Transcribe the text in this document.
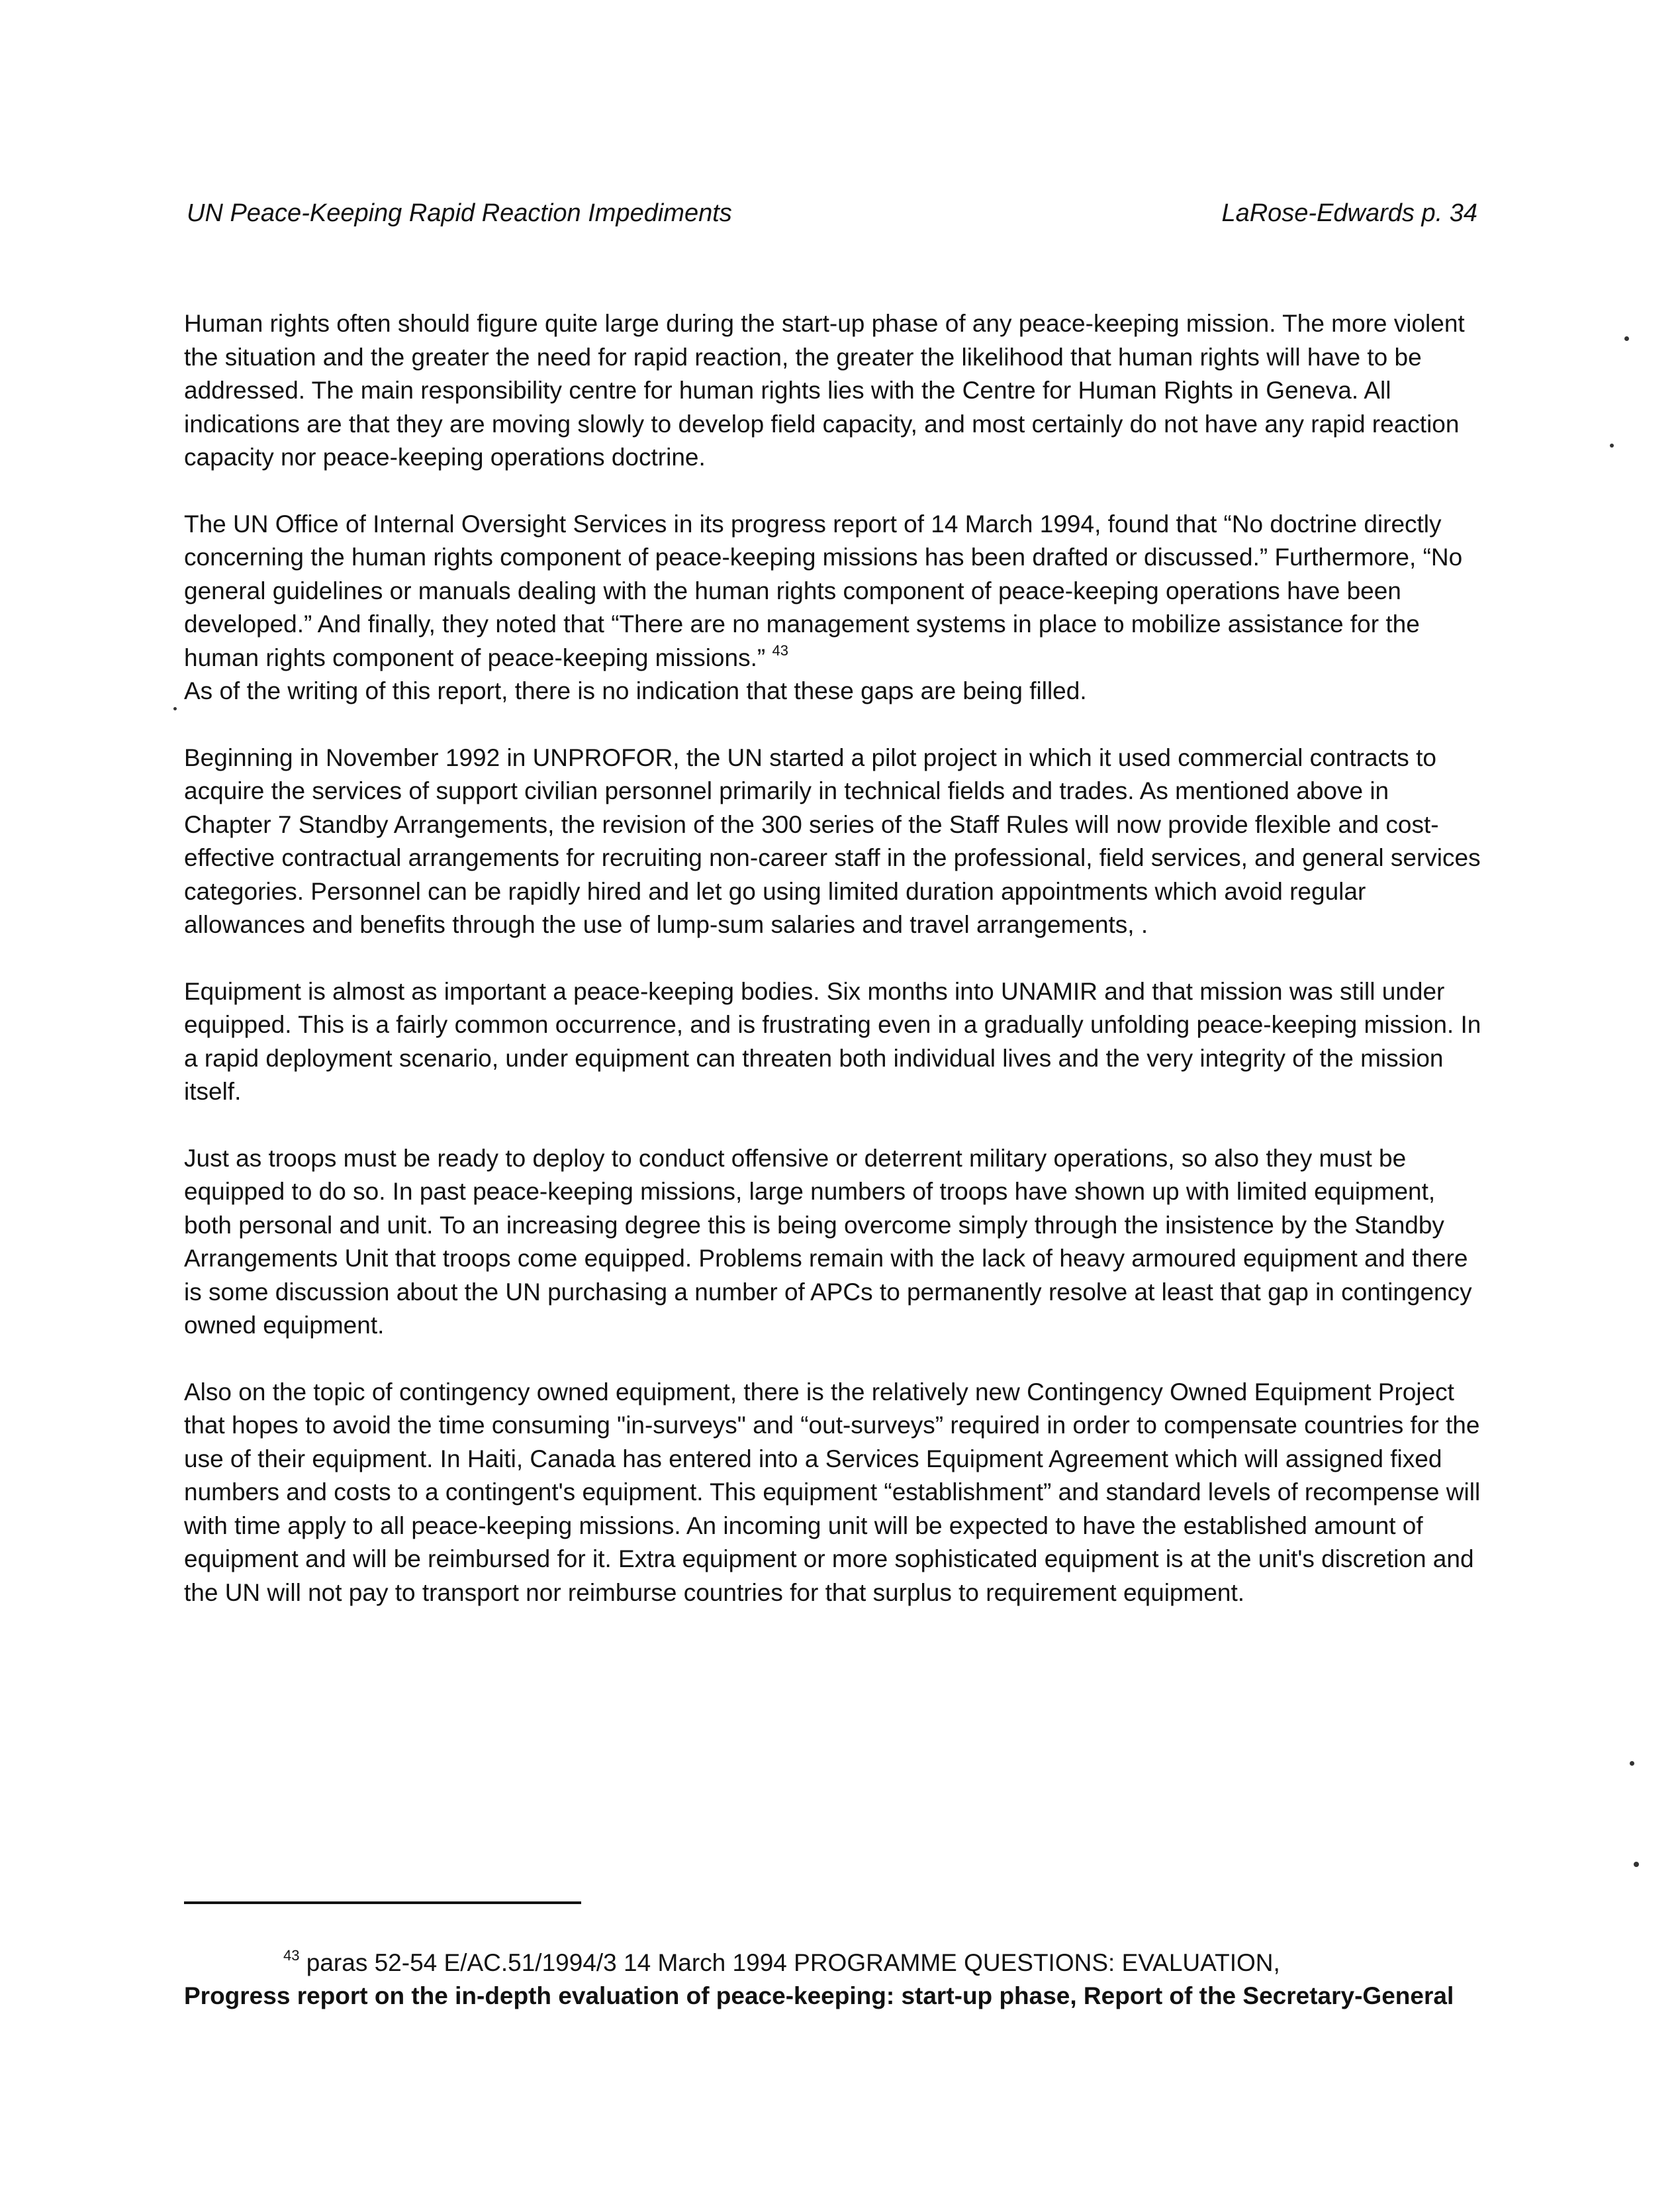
UN Peace-Keeping Rapid Reaction Impediments	LaRose-Edwards p. 34

Human rights often should figure quite large during the start-up phase of any peace-keeping mission. The more violent the situation and the greater the need for rapid reaction, the greater the likelihood that human rights will have to be addressed. The main responsibility centre for human rights lies with the Centre for Human Rights in Geneva. All indications are that they are moving slowly to develop field capacity, and most certainly do not have any rapid reaction capacity nor peace-keeping operations doctrine.

The UN Office of Internal Oversight Services in its progress report of 14 March 1994, found that “No doctrine directly concerning the human rights component of peace-keeping missions has been drafted or discussed.” Furthermore, “No general guidelines or manuals dealing with the human rights component of peace-keeping operations have been developed.” And finally, they noted that “There are no management systems in place to mobilize assistance for the human rights component of peace-keeping missions.” $^{43}$
As of the writing of this report, there is no indication that these gaps are being filled.

Beginning in November 1992 in UNPROFOR, the UN started a pilot project in which it used commercial contracts to acquire the services of support civilian personnel primarily in technical fields and trades. As mentioned above in Chapter 7 Standby Arrangements, the revision of the 300 series of the Staff Rules will now provide flexible and cost-effective contractual arrangements for recruiting non-career staff in the professional, field services, and general services categories. Personnel can be rapidly hired and let go using limited duration appointments which avoid regular allowances and benefits through the use of lump-sum salaries and travel arrangements, .

Equipment is almost as important a peace-keeping bodies. Six months into UNAMIR and that mission was still under equipped. This is a fairly common occurrence, and is frustrating even in a gradually unfolding peace-keeping mission. In a rapid deployment scenario, under equipment can threaten both individual lives and the very integrity of the mission itself.

Just as troops must be ready to deploy to conduct offensive or deterrent military operations, so also they must be equipped to do so. In past peace-keeping missions, large numbers of troops have shown up with limited equipment, both personal and unit. To an increasing degree this is being overcome simply through the insistence by the Standby Arrangements Unit that troops come equipped. Problems remain with the lack of heavy armoured equipment and there is some discussion about the UN purchasing a number of APCs to permanently resolve at least that gap in contingency owned equipment.

Also on the topic of contingency owned equipment, there is the relatively new Contingency Owned Equipment Project that hopes to avoid the time consuming "in-surveys" and “out-surveys” required in order to compensate countries for the use of their equipment. In Haiti, Canada has entered into a Services Equipment Agreement which will assigned fixed numbers and costs to a contingent's equipment. This equipment “establishment” and standard levels of recompense will with time apply to all peace-keeping missions. An incoming unit will be expected to have the established amount of equipment and will be reimbursed for it. Extra equipment or more sophisticated equipment is at the unit's discretion and the UN will not pay to transport nor reimburse countries for that surplus to requirement equipment.

$^{43}$ paras 52-54 E/AC.51/1994/3 14 March 1994 PROGRAMME QUESTIONS: EVALUATION,
Progress report on the in-depth evaluation of peace-keeping: start-up phase, Report of the Secretary-General
